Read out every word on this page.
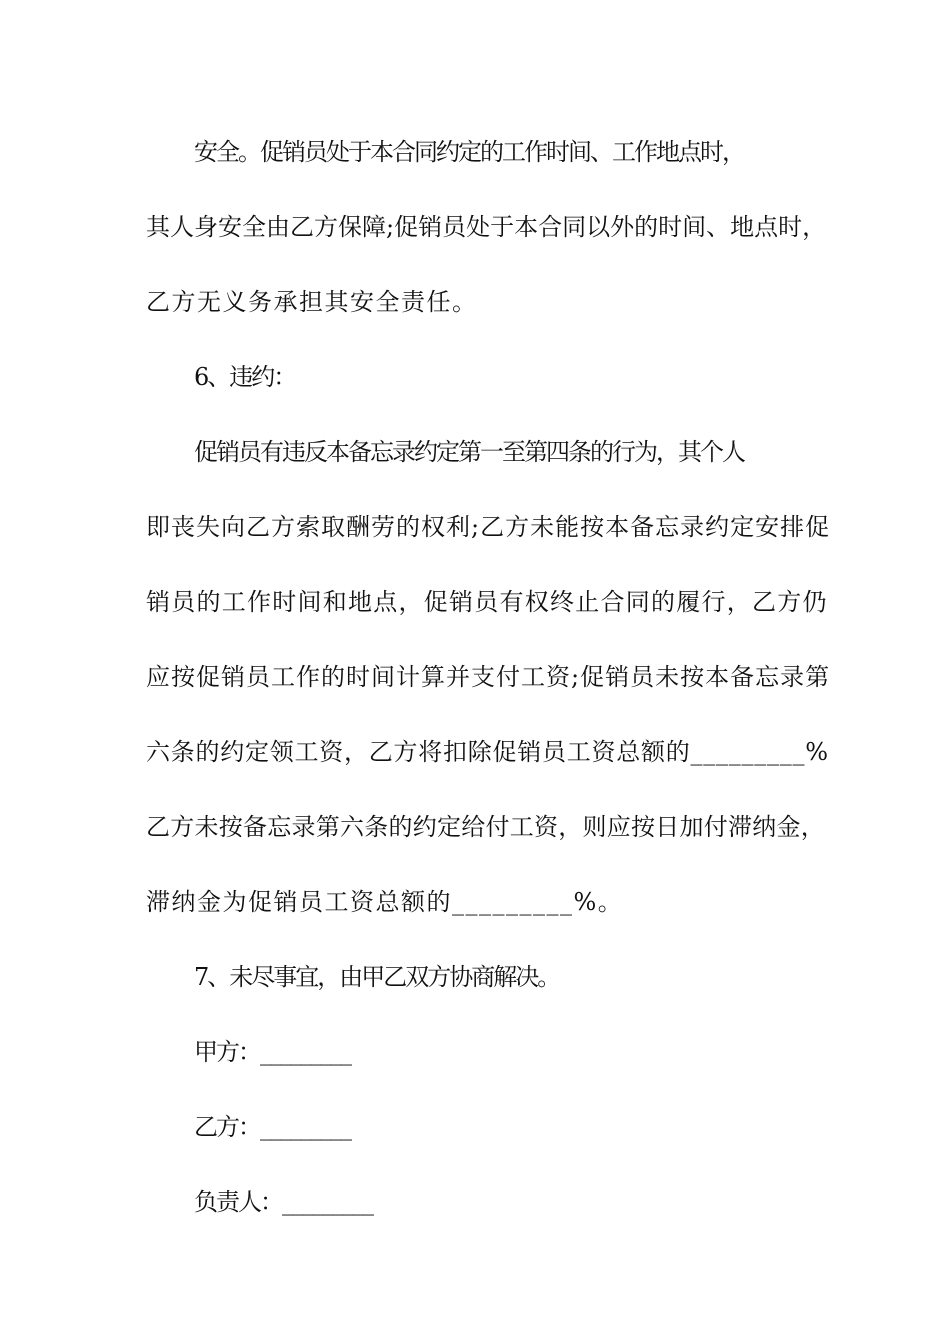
安全。促销员处于本合同约定的工作时间、工作地点时，
其人身安全由乙方保障;促销员处于本合同以外的时间、地点时，
乙方无义务承担其安全责任。
6、违约：
促销员有违反本备忘录约定第一至第四条的行为，其个人
即丧失向乙方索取酬劳的权利;乙方未能按本备忘录约定安排促
销员的工作时间和地点，促销员有权终止合同的履行，乙方仍
应按促销员工作的时间计算并支付工资;促销员未按本备忘录第
六条的约定领工资，乙方将扣除促销员工资总额的_________%
乙方未按备忘录第六条的约定给付工资，则应按日加付滞纳金，
滞纳金为促销员工资总额的_________%。
7、未尽事宜，由甲乙双方协商解决。
甲方：_________
乙方：_________
负责人：_________
